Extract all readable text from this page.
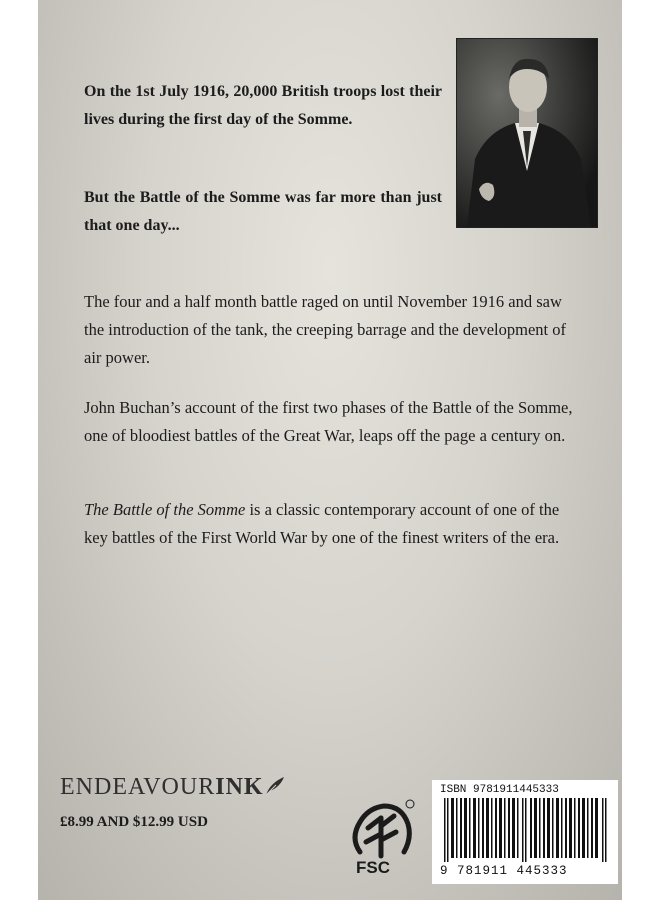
On the 1st July 1916, 20,000 British troops lost their lives during the first day of the Somme.
But the Battle of the Somme was far more than just that one day...
The four and a half month battle raged on until November 1916 and saw the introduction of the tank, the creeping barrage and the development of air power.
John Buchan’s account of the first two phases of the Battle of the Somme, one of bloodiest battles of the Great War, leaps off the page a century on.
The Battle of the Somme is a classic contemporary account of one of the key battles of the First World War by one of the finest writers of the era.
ENDEAVOURINK
£8.99 AND $12.99 USD
FSC
ISBN 9781911445333
9 781911 445333
